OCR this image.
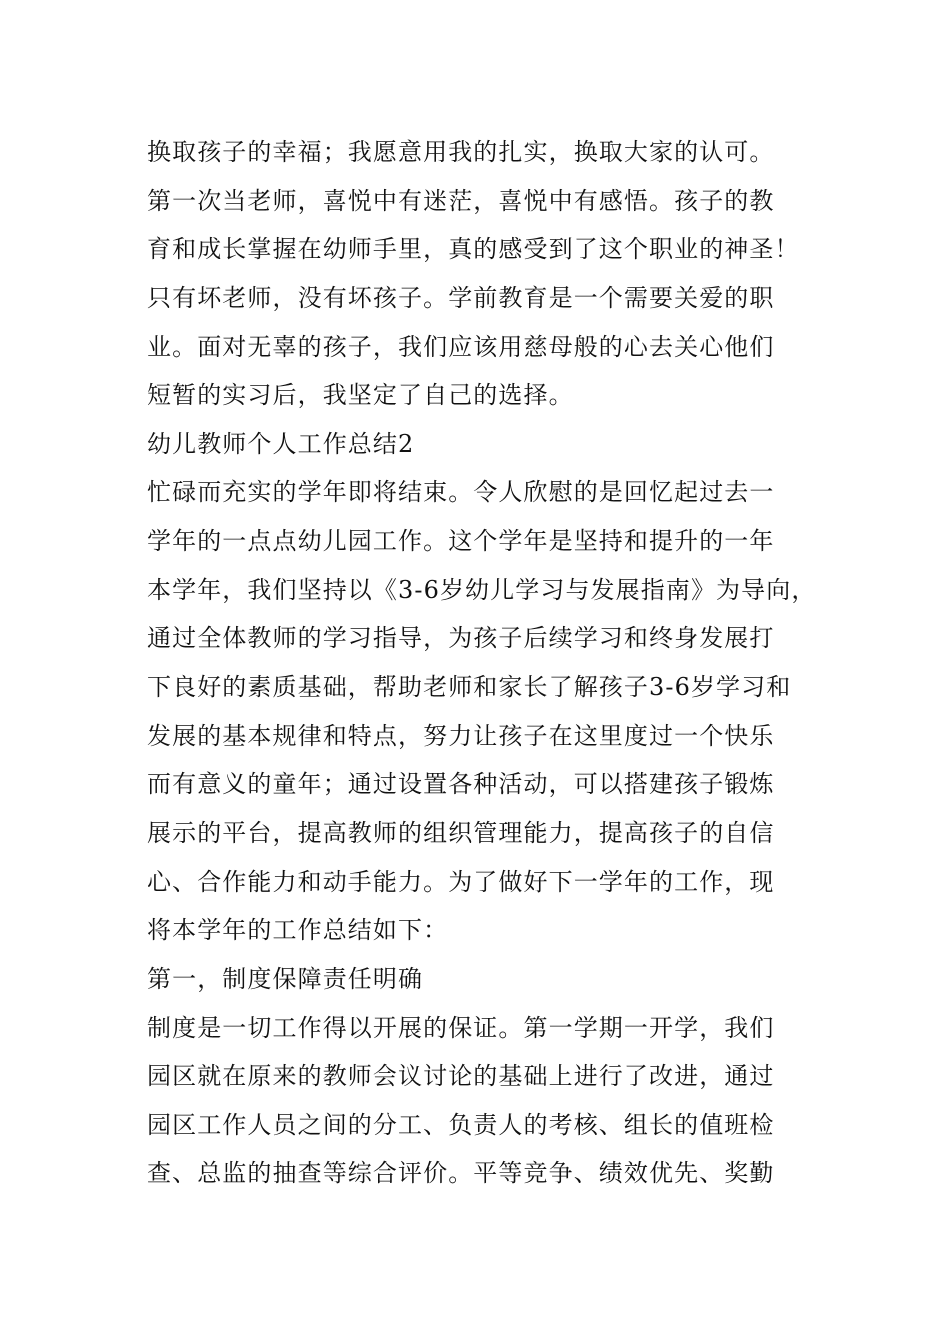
换取孩子的幸福；我愿意用我的扎实，换取大家的认可。
第一次当老师，喜悦中有迷茫，喜悦中有感悟。孩子的教
育和成长掌握在幼师手里，真的感受到了这个职业的神圣！
只有坏老师，没有坏孩子。学前教育是一个需要关爱的职
业。面对无辜的孩子，我们应该用慈母般的心去关心他们
短暂的实习后，我坚定了自己的选择。
幼儿教师个人工作总结2
忙碌而充实的学年即将结束。令人欣慰的是回忆起过去一
学年的一点点幼儿园工作。这个学年是坚持和提升的一年
本学年，我们坚持以《3-6岁幼儿学习与发展指南》为导向，
通过全体教师的学习指导，为孩子后续学习和终身发展打
下良好的素质基础，帮助老师和家长了解孩子3-6岁学习和
发展的基本规律和特点，努力让孩子在这里度过一个快乐
而有意义的童年；通过设置各种活动，可以搭建孩子锻炼
展示的平台，提高教师的组织管理能力，提高孩子的自信
心、合作能力和动手能力。为了做好下一学年的工作，现
将本学年的工作总结如下：
第一，制度保障责任明确
制度是一切工作得以开展的保证。第一学期一开学，我们
园区就在原来的教师会议讨论的基础上进行了改进，通过
园区工作人员之间的分工、负责人的考核、组长的值班检
查、总监的抽查等综合评价。平等竞争、绩效优先、奖勤
